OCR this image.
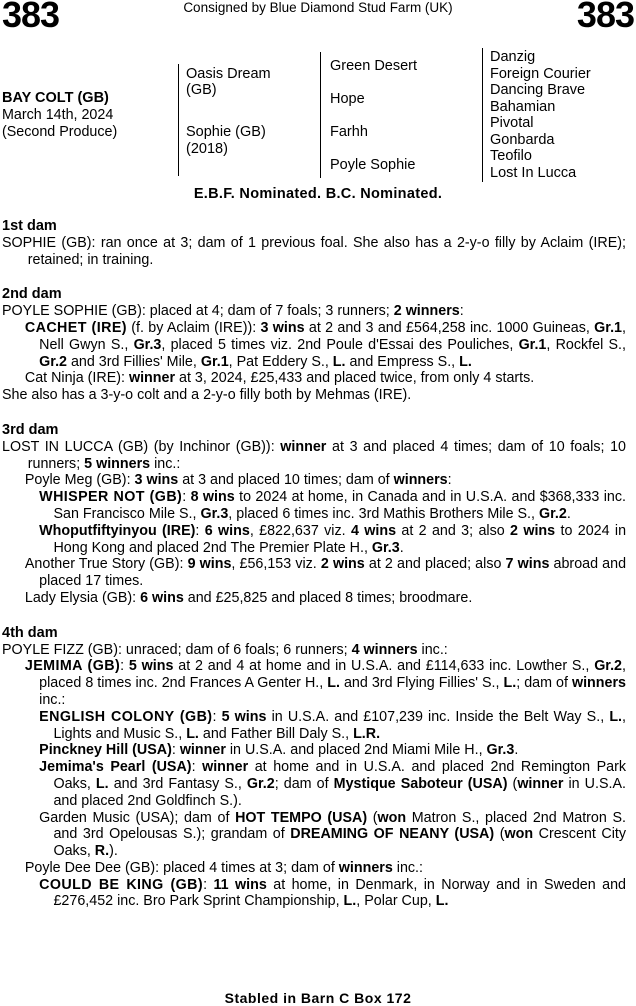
383	Consigned by Blue Diamond Stud Farm (UK)	383
BAY COLT (GB)
March 14th, 2024
(Second Produce)
Oasis Dream
(GB)
Sophie (GB)
(2018)
Green Desert
Hope
Farhh
Poyle Sophie
Danzig
Foreign Courier
Dancing Brave
Bahamian
Pivotal
Gonbarda
Teofilo
Lost In Lucca
E.B.F. Nominated. B.C. Nominated.
1st dam

SOPHIE (GB): ran once at 3; dam of 1 previous foal. She also has a 2-y-o filly by Aclaim (IRE); retained; in training.

2nd dam

POYLE SOPHIE (GB): placed at 4; dam of 7 foals; 3 runners; 2 winners:

CACHET (IRE) (f. by Aclaim (IRE)): 3 wins at 2 and 3 and £564,258 inc. 1000 Guineas, Gr.1, Nell Gwyn S., Gr.3, placed 5 times viz. 2nd Poule d'Essai des Pouliches, Gr.1, Rockfel S., Gr.2 and 3rd Fillies' Mile, Gr.1, Pat Eddery S., L. and Empress S., L.

Cat Ninja (IRE): winner at 3, 2024, £25,433 and placed twice, from only 4 starts.

She also has a 3-y-o colt and a 2-y-o filly both by Mehmas (IRE).

3rd dam

LOST IN LUCCA (GB) (by Inchinor (GB)): winner at 3 and placed 4 times; dam of 10 foals; 10 runners; 5 winners inc.:

Poyle Meg (GB): 3 wins at 3 and placed 10 times; dam of winners:

WHISPER NOT (GB): 8 wins to 2024 at home, in Canada and in U.S.A. and $368,333 inc. San Francisco Mile S., Gr.3, placed 6 times inc. 3rd Mathis Brothers Mile S., Gr.2.

Whoputfiftyinyou (IRE): 6 wins, £822,637 viz. 4 wins at 2 and 3; also 2 wins to 2024 in Hong Kong and placed 2nd The Premier Plate H., Gr.3.

Another True Story (GB): 9 wins, £56,153 viz. 2 wins at 2 and placed; also 7 wins abroad and placed 17 times.

Lady Elysia (GB): 6 wins and £25,825 and placed 8 times; broodmare.

4th dam

POYLE FIZZ (GB): unraced; dam of 6 foals; 6 runners; 4 winners inc.:

JEMIMA (GB): 5 wins at 2 and 4 at home and in U.S.A. and £114,633 inc. Lowther S., Gr.2, placed 8 times inc. 2nd Frances A Genter H., L. and 3rd Flying Fillies' S., L.; dam of winners inc.:

ENGLISH COLONY (GB): 5 wins in U.S.A. and £107,239 inc. Inside the Belt Way S., L., Lights and Music S., L. and Father Bill Daly S., L.R.

Pinckney Hill (USA): winner in U.S.A. and placed 2nd Miami Mile H., Gr.3.

Jemima's Pearl (USA): winner at home and in U.S.A. and placed 2nd Remington Park Oaks, L. and 3rd Fantasy S., Gr.2; dam of Mystique Saboteur (USA) (winner in U.S.A. and placed 2nd Goldfinch S.).

Garden Music (USA); dam of HOT TEMPO (USA) (won Matron S., placed 2nd Matron S. and 3rd Opelousas S.); grandam of DREAMING OF NEANY (USA) (won Crescent City Oaks, R.).

Poyle Dee Dee (GB): placed 4 times at 3; dam of winners inc.:

COULD BE KING (GB): 11 wins at home, in Denmark, in Norway and in Sweden and £276,452 inc. Bro Park Sprint Championship, L., Polar Cup, L.

Stabled in Barn C Box 172
